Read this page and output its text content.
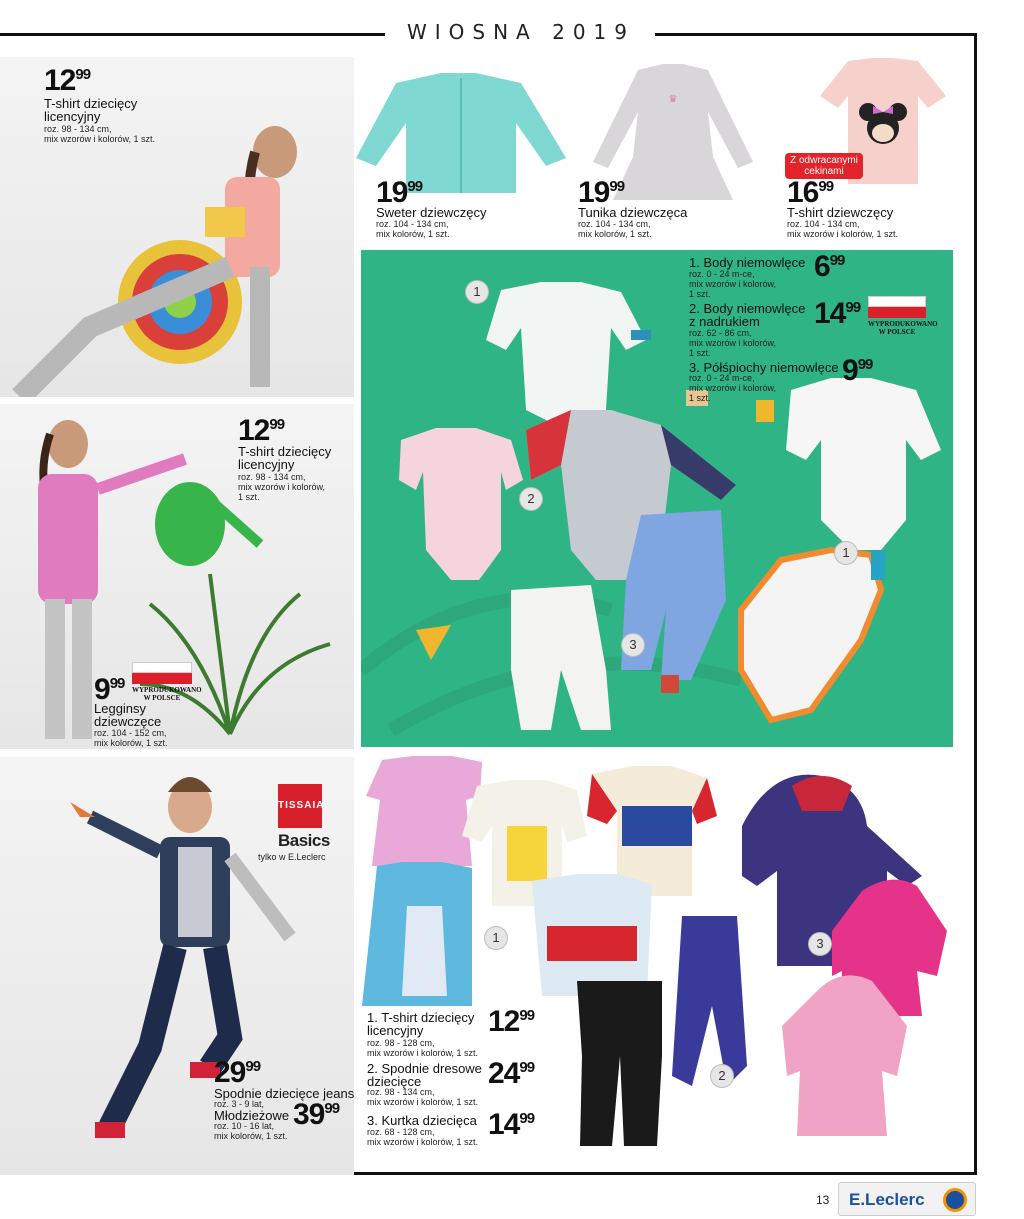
WIOSNA 2019
1299
T-shirt dziecięcy licencyjny
roz. 98 - 134 cm,
mix wzorów i kolorów, 1 szt.
1999
Sweter dziewczęcy
roz. 104 - 134 cm,
mix kolorów, 1 szt.
♛
1999
Tunika dziewczęca
roz. 104 - 134 cm,
mix kolorów, 1 szt.
Z odwracanymi cekinami
1699
T-shirt dziewczęcy
roz. 104 - 134 cm,
mix wzorów i kolorów, 1 szt.
1299
T-shirt dziecięcy licencyjny
roz. 98 - 134 cm,
mix wzorów i kolorów,
1 szt.
WYPRODUKOWANO W POLSCE
999
Legginsy dziewczęce
roz. 104 - 152 cm,
mix kolorów, 1 szt.
1
2
3
1
1. Body niemowlęce
roz. 0 - 24 m-ce,
mix wzorów i kolorów,
1 szt.
699
2. Body niemowlęce z nadrukiem
roz. 62 - 86 cm,
mix wzorów i kolorów,
1 szt.
1499
WYPRODUKOWANO W POLSCE
3. Półśpiochy niemowlęce
roz. 0 - 24 m-ce,
mix wzorów i kolorów,
1 szt.
999
TISSAIA
Basics
tylko w E.Leclerc
2999
Spodnie dziecięce jeans
roz. 3 - 9 lat,
Młodzieżowe
roz. 10 - 16 lat,
mix kolorów, 1 szt.
3999
1
2
3
1. T-shirt dziecięcy licencyjny
roz. 98 - 128 cm,
mix wzorów i kolorów, 1 szt.
1299
2. Spodnie dresowe dziecięce
roz. 98 - 134 cm,
mix wzorów i kolorów, 1 szt.
2499
3. Kurtka dziecięca
roz. 68 - 128 cm,
mix wzorów i kolorów, 1 szt.
1499
13 E.Leclerc
